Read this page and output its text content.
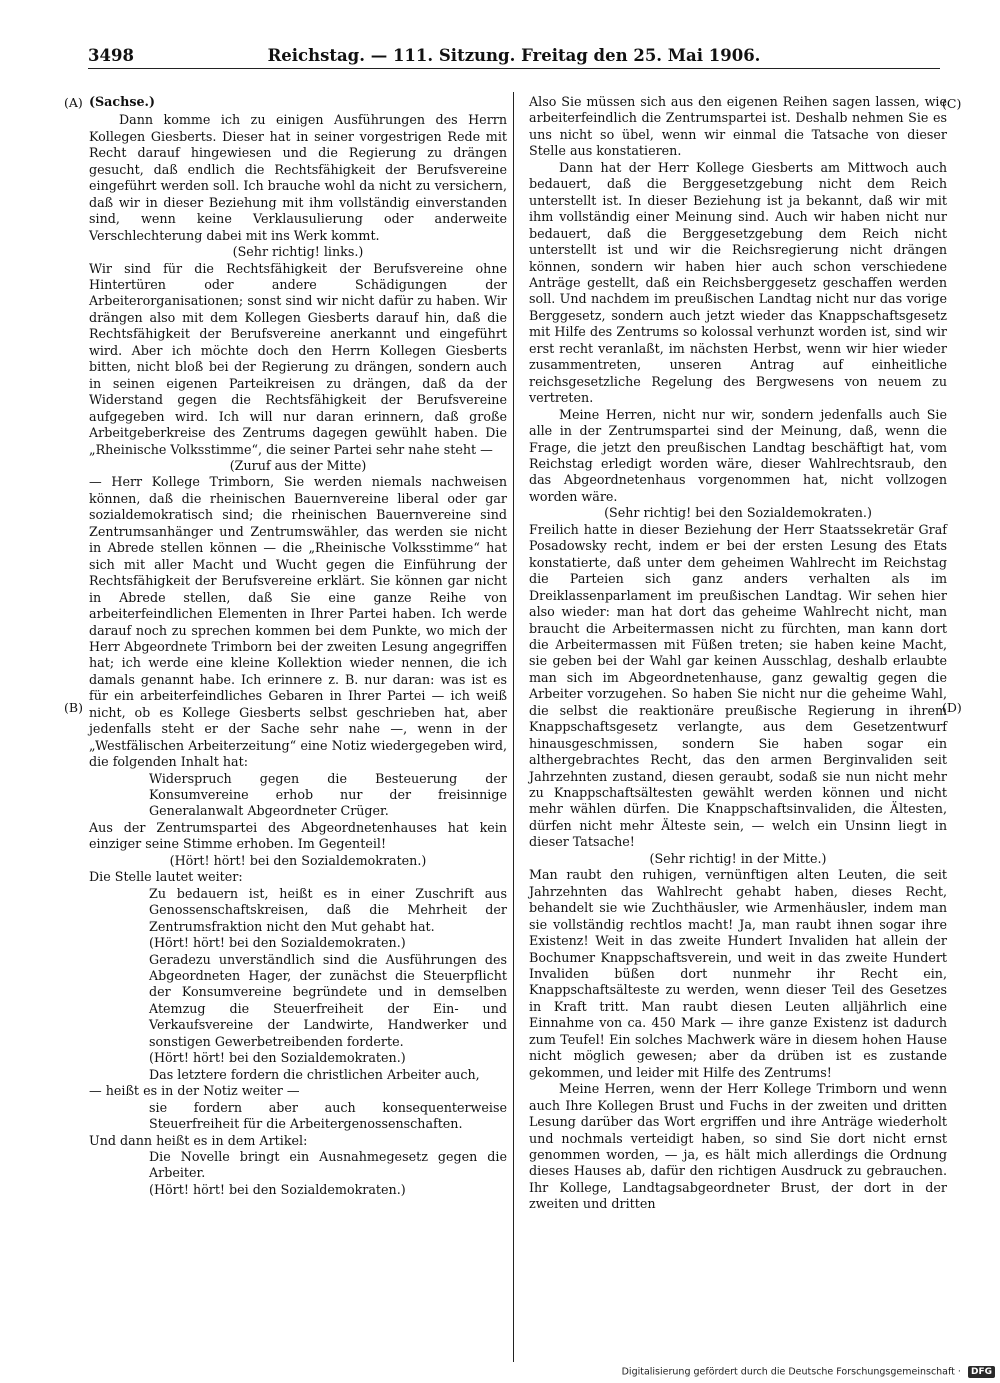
3498	Reichstag. — 111. Sitzung. Freitag den 25. Mai 1906.
(A)
(B)
(C)
(D)

(Sachse.)

Dann komme ich zu einigen Ausführungen des Herrn Kollegen Giesberts. Dieser hat in seiner vorgestrigen Rede mit Recht darauf hingewiesen und die Regierung zu drängen gesucht, daß endlich die Rechtsfähigkeit der Berufsvereine eingeführt werden soll. Ich brauche wohl da nicht zu versichern, daß wir in dieser Beziehung mit ihm vollständig einverstanden sind, wenn keine Verklausulierung oder anderweite Verschlechterung dabei mit ins Werk kommt.

(Sehr richtig! links.)

Wir sind für die Rechtsfähigkeit der Berufsvereine ohne Hintertüren oder andere Schädigungen der Arbeiterorganisationen; sonst sind wir nicht dafür zu haben. Wir drängen also mit dem Kollegen Giesberts darauf hin, daß die Rechtsfähigkeit der Berufsvereine anerkannt und eingeführt wird. Aber ich möchte doch den Herrn Kollegen Giesberts bitten, nicht bloß bei der Regierung zu drängen, sondern auch in seinen eigenen Parteikreisen zu drängen, daß da der Widerstand gegen die Rechtsfähigkeit der Berufsvereine aufgegeben wird. Ich will nur daran erinnern, daß große Arbeitgeberkreise des Zentrums dagegen gewühlt haben. Die „Rheinische Volksstimme“, die seiner Partei sehr nahe steht —

(Zuruf aus der Mitte)

— Herr Kollege Trimborn, Sie werden niemals nachweisen können, daß die rheinischen Bauernvereine liberal oder gar sozialdemokratisch sind; die rheinischen Bauernvereine sind Zentrumsanhänger und Zentrumswähler, das werden sie nicht in Abrede stellen können — die „Rheinische Volksstimme“ hat sich mit aller Macht und Wucht gegen die Einführung der Rechtsfähigkeit der Berufsvereine erklärt. Sie können gar nicht in Abrede stellen, daß Sie eine ganze Reihe von arbeiterfeindlichen Elementen in Ihrer Partei haben. Ich werde darauf noch zu sprechen kommen bei dem Punkte, wo mich der Herr Abgeordnete Trimborn bei der zweiten Lesung angegriffen hat; ich werde eine kleine Kollektion wieder nennen, die ich damals genannt habe. Ich erinnere z. B. nur daran: was ist es für ein arbeiterfeindliches Gebaren in Ihrer Partei — ich weiß nicht, ob es Kollege Giesberts selbst geschrieben hat, aber jedenfalls steht er der Sache sehr nahe —, wenn in der „Westfälischen Arbeiterzeitung“ eine Notiz wiedergegeben wird, die folgenden Inhalt hat:

Widerspruch gegen die Besteuerung der Konsumvereine erhob nur der freisinnige Generalanwalt Abgeordneter Crüger.

Aus der Zentrumspartei des Abgeordnetenhauses hat kein einziger seine Stimme erhoben. Im Gegenteil!

(Hört! hört! bei den Sozialdemokraten.)

Die Stelle lautet weiter:

Zu bedauern ist, heißt es in einer Zuschrift aus Genossenschaftskreisen, daß die Mehrheit der Zentrumsfraktion nicht den Mut gehabt hat.

(Hört! hört! bei den Sozialdemokraten.)

Geradezu unverständlich sind die Ausführungen des Abgeordneten Hager, der zunächst die Steuerpflicht der Konsumvereine begründete und in demselben Atemzug die Steuerfreiheit der Ein- und Verkaufsvereine der Landwirte, Handwerker und sonstigen Gewerbetreibenden forderte.

(Hört! hört! bei den Sozialdemokraten.)

Das letztere fordern die christlichen Arbeiter auch,

— heißt es in der Notiz weiter —

sie fordern aber auch konsequenterweise Steuerfreiheit für die Arbeitergenossenschaften.

Und dann heißt es in dem Artikel:

Die Novelle bringt ein Ausnahmegesetz gegen die Arbeiter.

(Hört! hört! bei den Sozialdemokraten.)

Also Sie müssen sich aus den eigenen Reihen sagen lassen, wie arbeiterfeindlich die Zentrumspartei ist. Deshalb nehmen Sie es uns nicht so übel, wenn wir einmal die Tatsache von dieser Stelle aus konstatieren.

Dann hat der Herr Kollege Giesberts am Mittwoch auch bedauert, daß die Berggesetzgebung nicht dem Reich unterstellt ist. In dieser Beziehung ist ja bekannt, daß wir mit ihm vollständig einer Meinung sind. Auch wir haben nicht nur bedauert, daß die Berggesetzgebung dem Reich nicht unterstellt ist und wir die Reichsregierung nicht drängen können, sondern wir haben hier auch schon verschiedene Anträge gestellt, daß ein Reichsberggesetz geschaffen werden soll. Und nachdem im preußischen Landtag nicht nur das vorige Berggesetz, sondern auch jetzt wieder das Knappschaftsgesetz mit Hilfe des Zentrums so kolossal verhunzt worden ist, sind wir erst recht veranlaßt, im nächsten Herbst, wenn wir hier wieder zusammentreten, unseren Antrag auf einheitliche reichsgesetzliche Regelung des Bergwesens von neuem zu vertreten.

Meine Herren, nicht nur wir, sondern jedenfalls auch Sie alle in der Zentrumspartei sind der Meinung, daß, wenn die Frage, die jetzt den preußischen Landtag beschäftigt hat, vom Reichstag erledigt worden wäre, dieser Wahlrechtsraub, den das Abgeordnetenhaus vorgenommen hat, nicht vollzogen worden wäre.

(Sehr richtig! bei den Sozialdemokraten.)

Freilich hatte in dieser Beziehung der Herr Staatssekretär Graf Posadowsky recht, indem er bei der ersten Lesung des Etats konstatierte, daß unter dem geheimen Wahlrecht im Reichstag die Parteien sich ganz anders verhalten als im Dreiklassenparlament im preußischen Landtag. Wir sehen hier also wieder: man hat dort das geheime Wahlrecht nicht, man braucht die Arbeitermassen nicht zu fürchten, man kann dort die Arbeitermassen mit Füßen treten; sie haben keine Macht, sie geben bei der Wahl gar keinen Ausschlag, deshalb erlaubte man sich im Abgeordnetenhause, ganz gewaltig gegen die Arbeiter vorzugehen. So haben Sie nicht nur die geheime Wahl, die selbst die reaktionäre preußische Regierung in ihrem Knappschaftsgesetz verlangte, aus dem Gesetzentwurf hinausgeschmissen, sondern Sie haben sogar ein althergebrachtes Recht, das den armen Berginvaliden seit Jahrzehnten zustand, diesen geraubt, sodaß sie nun nicht mehr zu Knappschaftsältesten gewählt werden können und nicht mehr wählen dürfen. Die Knappschaftsinvaliden, die Ältesten, dürfen nicht mehr Älteste sein, — welch ein Unsinn liegt in dieser Tatsache!

(Sehr richtig! in der Mitte.)

Man raubt den ruhigen, vernünftigen alten Leuten, die seit Jahrzehnten das Wahlrecht gehabt haben, dieses Recht, behandelt sie wie Zuchthäusler, wie Armenhäusler, indem man sie vollständig rechtlos macht! Ja, man raubt ihnen sogar ihre Existenz! Weit in das zweite Hundert Invaliden hat allein der Bochumer Knappschaftsverein, und weit in das zweite Hundert Invaliden büßen dort nunmehr ihr Recht ein, Knappschaftsälteste zu werden, wenn dieser Teil des Gesetzes in Kraft tritt. Man raubt diesen Leuten alljährlich eine Einnahme von ca. 450 Mark — ihre ganze Existenz ist dadurch zum Teufel! Ein solches Machwerk wäre in diesem hohen Hause nicht möglich gewesen; aber da drüben ist es zustande gekommen, und leider mit Hilfe des Zentrums!

Meine Herren, wenn der Herr Kollege Trimborn und wenn auch Ihre Kollegen Brust und Fuchs in der zweiten und dritten Lesung darüber das Wort ergriffen und ihre Anträge wiederholt und nochmals verteidigt haben, so sind Sie dort nicht ernst genommen worden, — ja, es hält mich allerdings die Ordnung dieses Hauses ab, dafür den richtigen Ausdruck zu gebrauchen. Ihr Kollege, Landtagsabgeordneter Brust, der dort in der zweiten und dritten

Digitalisierung gefördert durch die Deutsche Forschungsgemeinschaft · DFG
